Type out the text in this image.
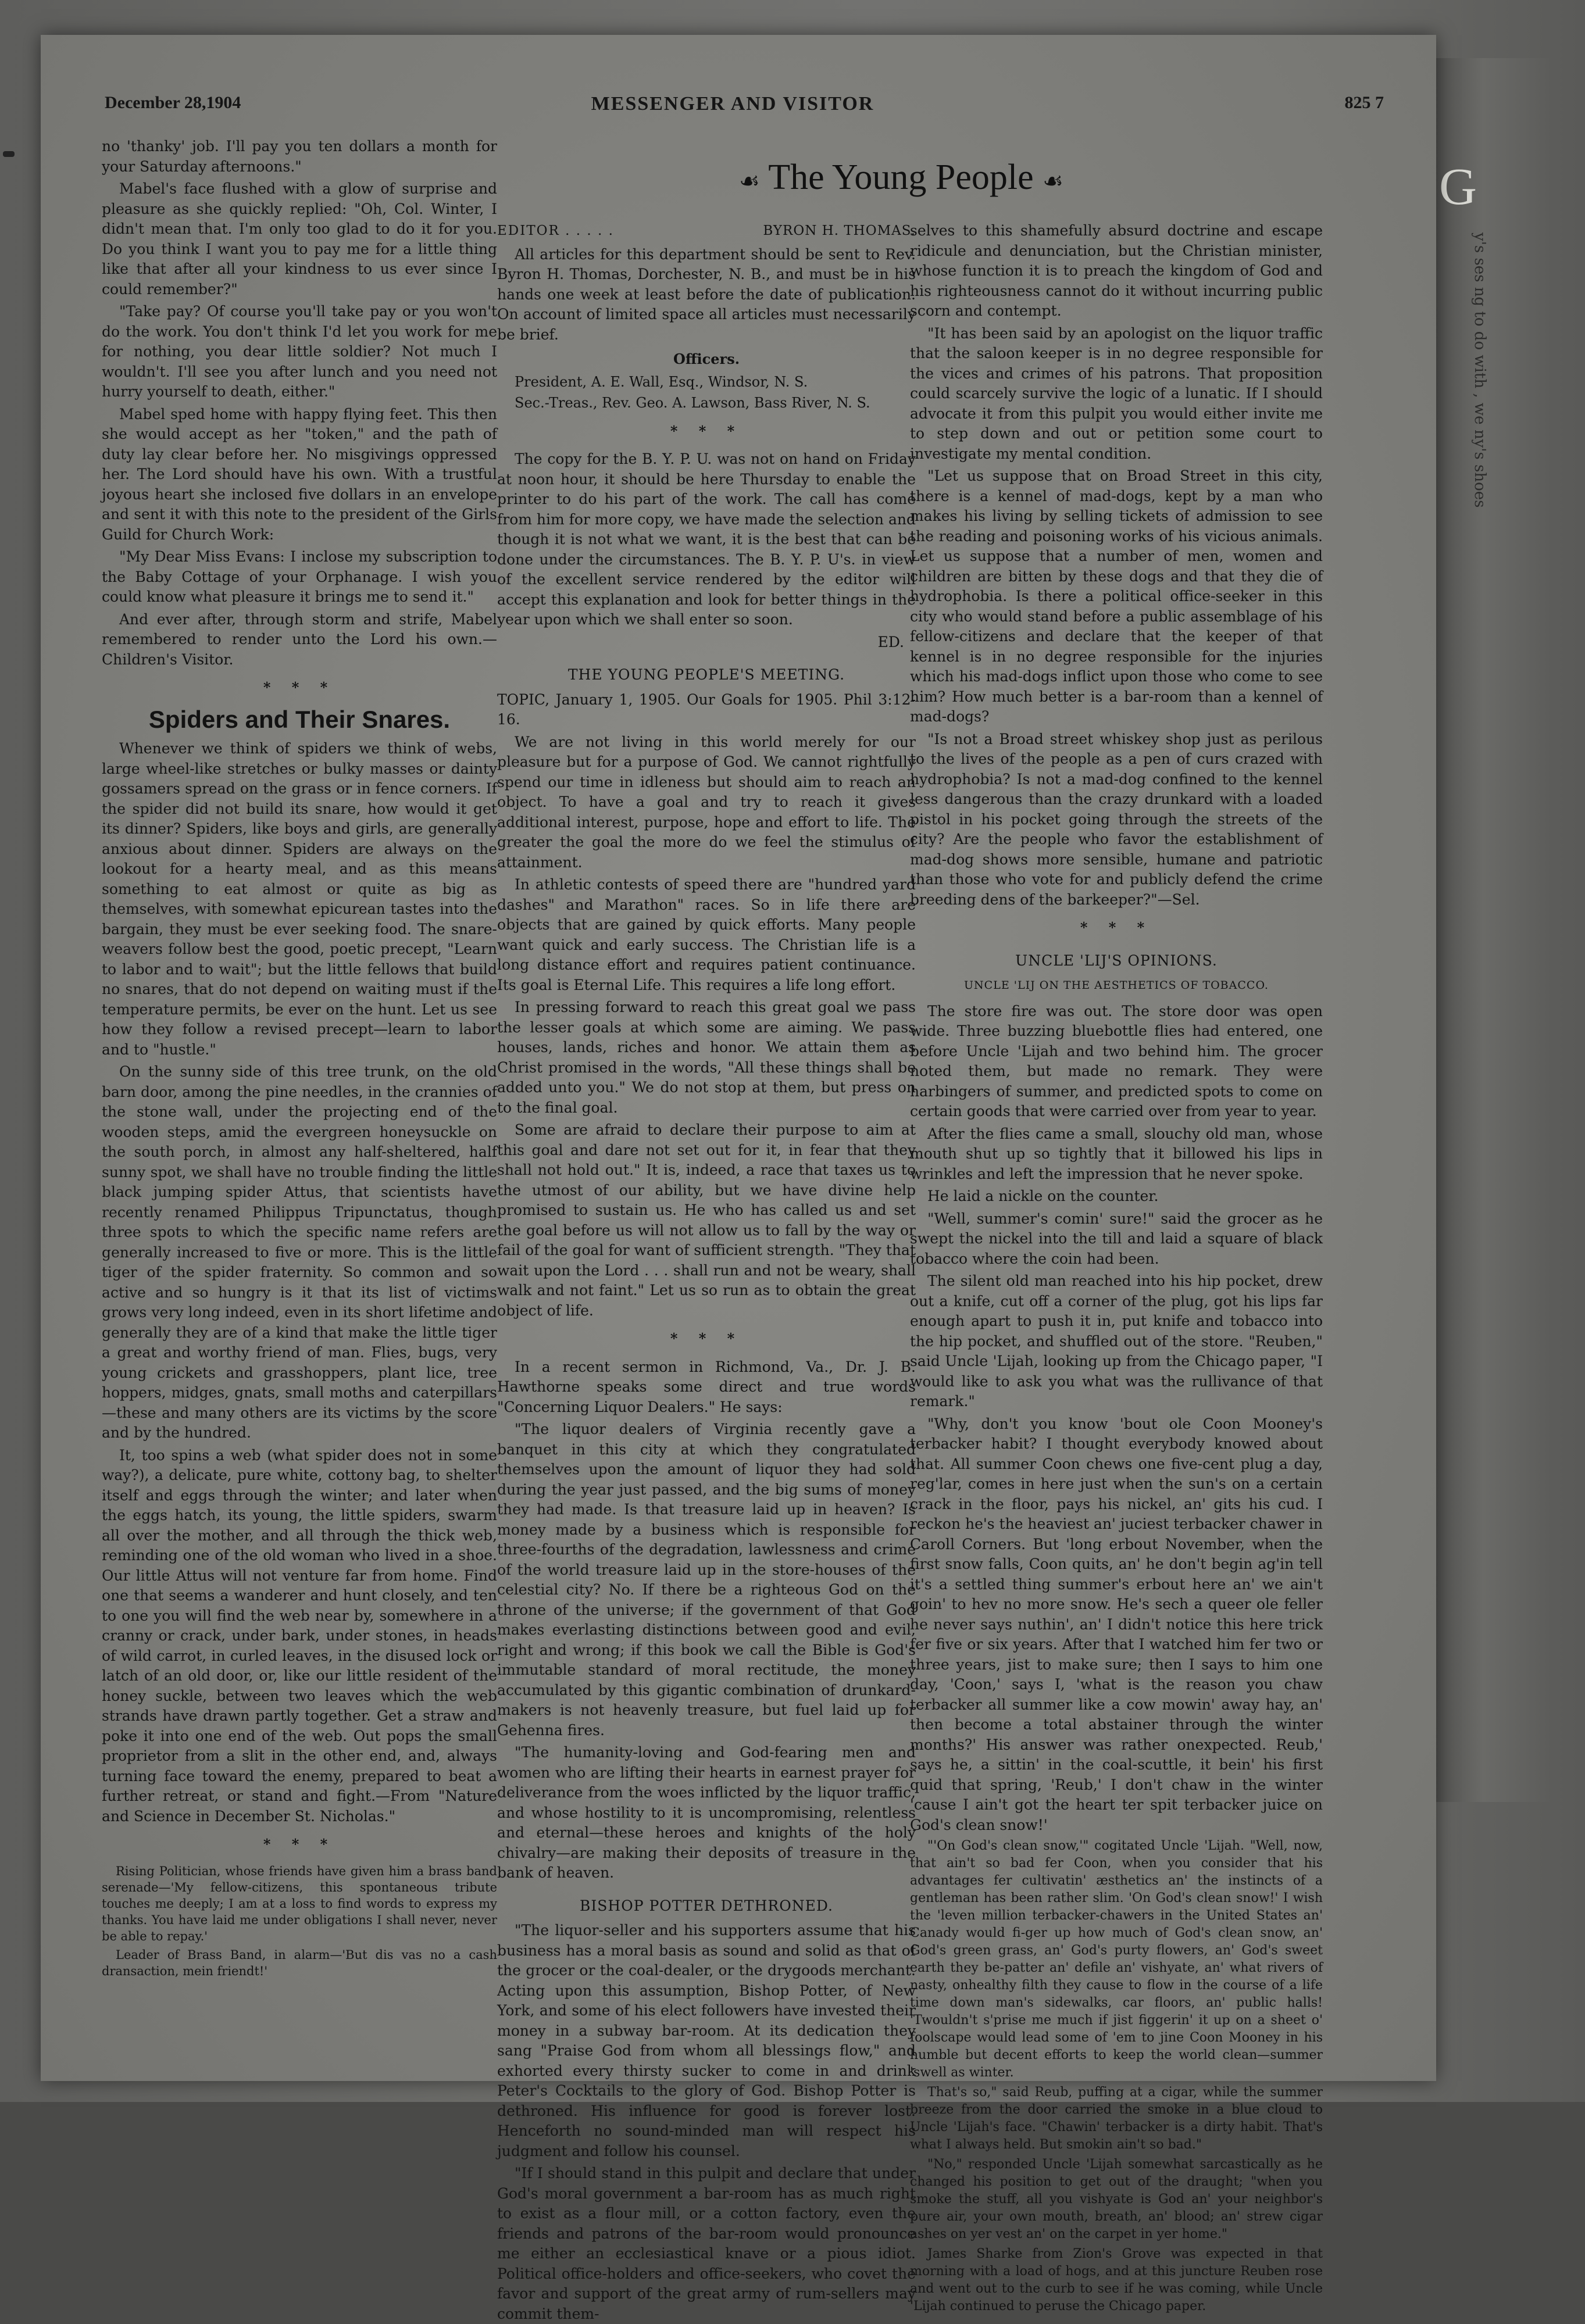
G
y's ses ng to do with , we ny's shoes
December 28,1904	MESSENGER AND VISITOR	825 7
☙ The Young People ☙

no 'thanky' job. I'll pay you ten dollars a month for your Saturday afternoons."

Mabel's face flushed with a glow of surprise and pleasure as she quickly replied: "Oh, Col. Winter, I didn't mean that. I'm only too glad to do it for you. Do you think I want you to pay me for a little thing like that after all your kindness to us ever since I could remember?"

"Take pay? Of course you'll take pay or you won't do the work. You don't think I'd let you work for me for nothing, you dear little soldier? Not much I wouldn't. I'll see you after lunch and you need not hurry yourself to death, either."

Mabel sped home with happy flying feet. This then she would accept as her "token," and the path of duty lay clear before her. No misgivings oppressed her. The Lord should have his own. With a trustful joyous heart she inclosed five dollars in an envelope and sent it with this note to the president of the Girls Guild for Church Work:

"My Dear Miss Evans: I inclose my subscription to the Baby Cottage of your Orphanage. I wish you could know what pleasure it brings me to send it."

And ever after, through storm and strife, Mabel remembered to render unto the Lord his own.—Children's Visitor.

* * *
Spiders and Their Snares.

Whenever we think of spiders we think of webs, large wheel-like stretches or bulky masses or dainty gossamers spread on the grass or in fence corners. If the spider did not build its snare, how would it get its dinner? Spiders, like boys and girls, are generally anxious about dinner. Spiders are always on the lookout for a hearty meal, and as this means something to eat almost or quite as big as themselves, with somewhat epicurean tastes into the bargain, they must be ever seeking food. The snare-weavers follow best the good, poetic precept, "Learn to labor and to wait"; but the little fellows that build no snares, that do not depend on waiting must if the temperature permits, be ever on the hunt. Let us see how they follow a revised precept—learn to labor and to "hustle."

On the sunny side of this tree trunk, on the old barn door, among the pine needles, in the crannies of the stone wall, under the projecting end of the wooden steps, amid the evergreen honeysuckle on the south porch, in almost any half-sheltered, half sunny spot, we shall have no trouble finding the little black jumping spider Attus, that scientists have recently renamed Philippus Tripunctatus, though three spots to which the specific name refers are generally increased to five or more. This is the little tiger of the spider fraternity. So common and so active and so hungry is it that its list of victims grows very long indeed, even in its short lifetime and generally they are of a kind that make the little tiger a great and worthy friend of man. Flies, bugs, very young crickets and grasshoppers, plant lice, tree hoppers, midges, gnats, small moths and caterpillars—these and many others are its victims by the score and by the hundred.

It, too spins a web (what spider does not in some way?), a delicate, pure white, cottony bag, to shelter itself and eggs through the winter; and later when the eggs hatch, its young, the little spiders, swarm all over the mother, and all through the thick web, reminding one of the old woman who lived in a shoe. Our little Attus will not venture far from home. Find one that seems a wanderer and hunt closely, and ten to one you will find the web near by, somewhere in a cranny or crack, under bark, under stones, in heads of wild carrot, in curled leaves, in the disused lock or latch of an old door, or, like our little resident of the honey suckle, between two leaves which the web strands have drawn partly together. Get a straw and poke it into one end of the web. Out pops the small proprietor from a slit in the other end, and, always turning face toward the enemy, prepared to beat a further retreat, or stand and fight.—From "Nature and Science in December St. Nicholas."

* * *

Rising Politician, whose friends have given him a brass band serenade—'My fellow-citizens, this spontaneous tribute touches me deeply; I am at a loss to find words to express my thanks. You have laid me under obligations I shall never, never be able to repay.'

Leader of Brass Band, in alarm—'But dis vas no a cash dransaction, mein friendt!'

EDITOR . . . . .	BYRON H. THOMAS.

All articles for this department should be sent to Rev. Byron H. Thomas, Dorchester, N. B., and must be in his hands one week at least before the date of publication. On account of limited space all articles must necessarily be brief.

Officers.
President, A. E. Wall, Esq., Windsor, N. S.
Sec.-Treas., Rev. Geo. A. Lawson, Bass River, N. S.
* * *

The copy for the B. Y. P. U. was not on hand on Friday at noon hour, it should be here Thursday to enable the printer to do his part of the work. The call has come from him for more copy, we have made the selection and though it is not what we want, it is the best that can be done under the circumstances. The B. Y. P. U's. in view of the excellent service rendered by the editor will accept this explanation and look for better things in the year upon which we shall enter so soon.

ED.
THE YOUNG PEOPLE'S MEETING.

TOPIC, January 1, 1905. Our Goals for 1905. Phil 3:12-16.

We are not living in this world merely for our pleasure but for a purpose of God. We cannot rightfully spend our time in idleness but should aim to reach an object. To have a goal and try to reach it gives additional interest, purpose, hope and effort to life. The greater the goal the more do we feel the stimulus of attainment.

In athletic contests of speed there are "hundred yard dashes" and Marathon" races. So in life there are objects that are gained by quick efforts. Many people want quick and early success. The Christian life is a long distance effort and requires patient continuance. Its goal is Eternal Life. This requires a life long effort.

In pressing forward to reach this great goal we pass the lesser goals at which some are aiming. We pass houses, lands, riches and honor. We attain them as Christ promised in the words, "All these things shall be added unto you." We do not stop at them, but press on to the final goal.

Some are afraid to declare their purpose to aim at this goal and dare not set out for it, in fear that they shall not hold out." It is, indeed, a race that taxes us to the utmost of our ability, but we have divine help promised to sustain us. He who has called us and set the goal before us will not allow us to fall by the way or fail of the goal for want of sufficient strength. "They that wait upon the Lord . . . shall run and not be weary, shall walk and not faint." Let us so run as to obtain the great object of life.

* * *

In a recent sermon in Richmond, Va., Dr. J. B. Hawthorne speaks some direct and true words "Concerning Liquor Dealers." He says:

"The liquor dealers of Virginia recently gave a banquet in this city at which they congratulated themselves upon the amount of liquor they had sold during the year just passed, and the big sums of money they had made. Is that treasure laid up in heaven? Is money made by a business which is responsible for three-fourths of the degradation, lawlessness and crime of the world treasure laid up in the store-houses of the celestial city? No. If there be a righteous God on the throne of the universe; if the government of that God makes everlasting distinctions between good and evil, right and wrong; if this book we call the Bible is God's immutable standard of moral rectitude, the money accumulated by this gigantic combination of drunkard-makers is not heavenly treasure, but fuel laid up for Gehenna fires.

"The humanity-loving and God-fearing men and women who are lifting their hearts in earnest prayer for deliverance from the woes inflicted by the liquor traffic, and whose hostility to it is uncompromising, relentless and eternal—these heroes and knights of the holy chivalry—are making their deposits of treasure in the bank of heaven.

BISHOP POTTER DETHRONED.

"The liquor-seller and his supporters assume that his business has a moral basis as sound and solid as that of the grocer or the coal-dealer, or the drygoods merchant. Acting upon this assumption, Bishop Potter, of New York, and some of his elect followers have invested their money in a subway bar-room. At its dedication they sang "Praise God from whom all blessings flow," and exhorted every thirsty sucker to come in and drink Peter's Cocktails to the glory of God. Bishop Potter is dethroned. His influence for good is forever lost. Henceforth no sound-minded man will respect his judgment and follow his counsel.

"If I should stand in this pulpit and declare that under God's moral government a bar-room has as much right to exist as a flour mill, or a cotton factory, even the friends and patrons of the bar-room would pronounce me either an ecclesiastical knave or a pious idiot. Political office-holders and office-seekers, who covet the favor and support of the great army of rum-sellers may commit them-

selves to this shamefully absurd doctrine and escape ridicule and denunciation, but the Christian minister, whose function it is to preach the kingdom of God and his righteousness cannot do it without incurring public scorn and contempt.

"It has been said by an apologist on the liquor traffic that the saloon keeper is in no degree responsible for the vices and crimes of his patrons. That proposition could scarcely survive the logic of a lunatic. If I should advocate it from this pulpit you would either invite me to step down and out or petition some court to investigate my mental condition.

"Let us suppose that on Broad Street in this city, there is a kennel of mad-dogs, kept by a man who makes his living by selling tickets of admission to see the reading and poisoning works of his vicious animals. Let us suppose that a number of men, women and children are bitten by these dogs and that they die of hydrophobia. Is there a political office-seeker in this city who would stand before a public assemblage of his fellow-citizens and declare that the keeper of that kennel is in no degree responsible for the injuries which his mad-dogs inflict upon those who come to see him? How much better is a bar-room than a kennel of mad-dogs?

"Is not a Broad street whiskey shop just as perilous to the lives of the people as a pen of curs crazed with hydrophobia? Is not a mad-dog confined to the kennel less dangerous than the crazy drunkard with a loaded pistol in his pocket going through the streets of the city? Are the people who favor the establishment of mad-dog shows more sensible, humane and patriotic than those who vote for and publicly defend the crime breeding dens of the barkeeper?"—Sel.

* * *
UNCLE 'LIJ'S OPINIONS.
UNCLE 'LIJ ON THE AESTHETICS OF TOBACCO.

The store fire was out. The store door was open wide. Three buzzing bluebottle flies had entered, one before Uncle 'Lijah and two behind him. The grocer noted them, but made no remark. They were harbingers of summer, and predicted spots to come on certain goods that were carried over from year to year.

After the flies came a small, slouchy old man, whose mouth shut up so tightly that it billowed his lips in wrinkles and left the impression that he never spoke.

He laid a nickle on the counter.

"Well, summer's comin' sure!" said the grocer as he swept the nickel into the till and laid a square of black tobacco where the coin had been.

The silent old man reached into his hip pocket, drew out a knife, cut off a corner of the plug, got his lips far enough apart to push it in, put knife and tobacco into the hip pocket, and shuffled out of the store. "Reuben," said Uncle 'Lijah, looking up from the Chicago paper, "I would like to ask you what was the rullivance of that remark."

"Why, don't you know 'bout ole Coon Mooney's terbacker habit? I thought everybody knowed about that. All summer Coon chews one five-cent plug a day, reg'lar, comes in here just when the sun's on a certain crack in the floor, pays his nickel, an' gits his cud. I reckon he's the heaviest an' juciest terbacker chawer in Caroll Corners. But 'long erbout November, when the first snow falls, Coon quits, an' he don't begin ag'in tell it's a settled thing summer's erbout here an' we ain't goin' to hev no more snow. He's sech a queer ole feller he never says nuthin', an' I didn't notice this here trick fer five or six years. After that I watched him fer two or three years, jist to make sure; then I says to him one day, 'Coon,' says I, 'what is the reason you chaw terbacker all summer like a cow mowin' away hay, an' then become a total abstainer through the winter months?' His answer was rather onexpected. Reub,' says he, a sittin' in the coal-scuttle, it bein' his first quid that spring, 'Reub,' I don't chaw in the winter 'cause I ain't got the heart ter spit terbacker juice on God's clean snow!'

"'On God's clean snow,'" cogitated Uncle 'Lijah. "Well, now, that ain't so bad fer Coon, when you consider that his advantages fer cultivatin' æsthetics an' the instincts of a gentleman has been rather slim. 'On God's clean snow!' I wish the 'leven million terbacker-chawers in the United States an' Canady would fi-ger up how much of God's clean snow, an' God's green grass, an' God's purty flowers, an' God's sweet earth they be-patter an' defile an' vishyate, an' what rivers of nasty, onhealthy filth they cause to flow in the course of a life time down man's sidewalks, car floors, an' public halls! 'Twouldn't s'prise me much if jist figgerin' it up on a sheet o' foolscape would lead some of 'em to jine Coon Mooney in his humble but decent efforts to keep the world clean—summer 'swell as winter.

That's so," said Reub, puffing at a cigar, while the summer breeze from the door carried the smoke in a blue cloud to Uncle 'Lijah's face. "Chawin' terbacker is a dirty habit. That's what I always held. But smokin ain't so bad."

"No," responded Uncle 'Lijah somewhat sarcastically as he changed his position to get out of the draught; "when you smoke the stuff, all you vishyate is God an' your neighbor's pure air, your own mouth, breath, an' blood; an' strew cigar ashes on yer vest an' on the carpet in yer home."

James Sharke from Zion's Grove was expected in that morning with a load of hogs, and at this juncture Reuben rose and went out to the curb to see if he was coming, while Uncle 'Lijah continued to peruse the Chicago paper.
